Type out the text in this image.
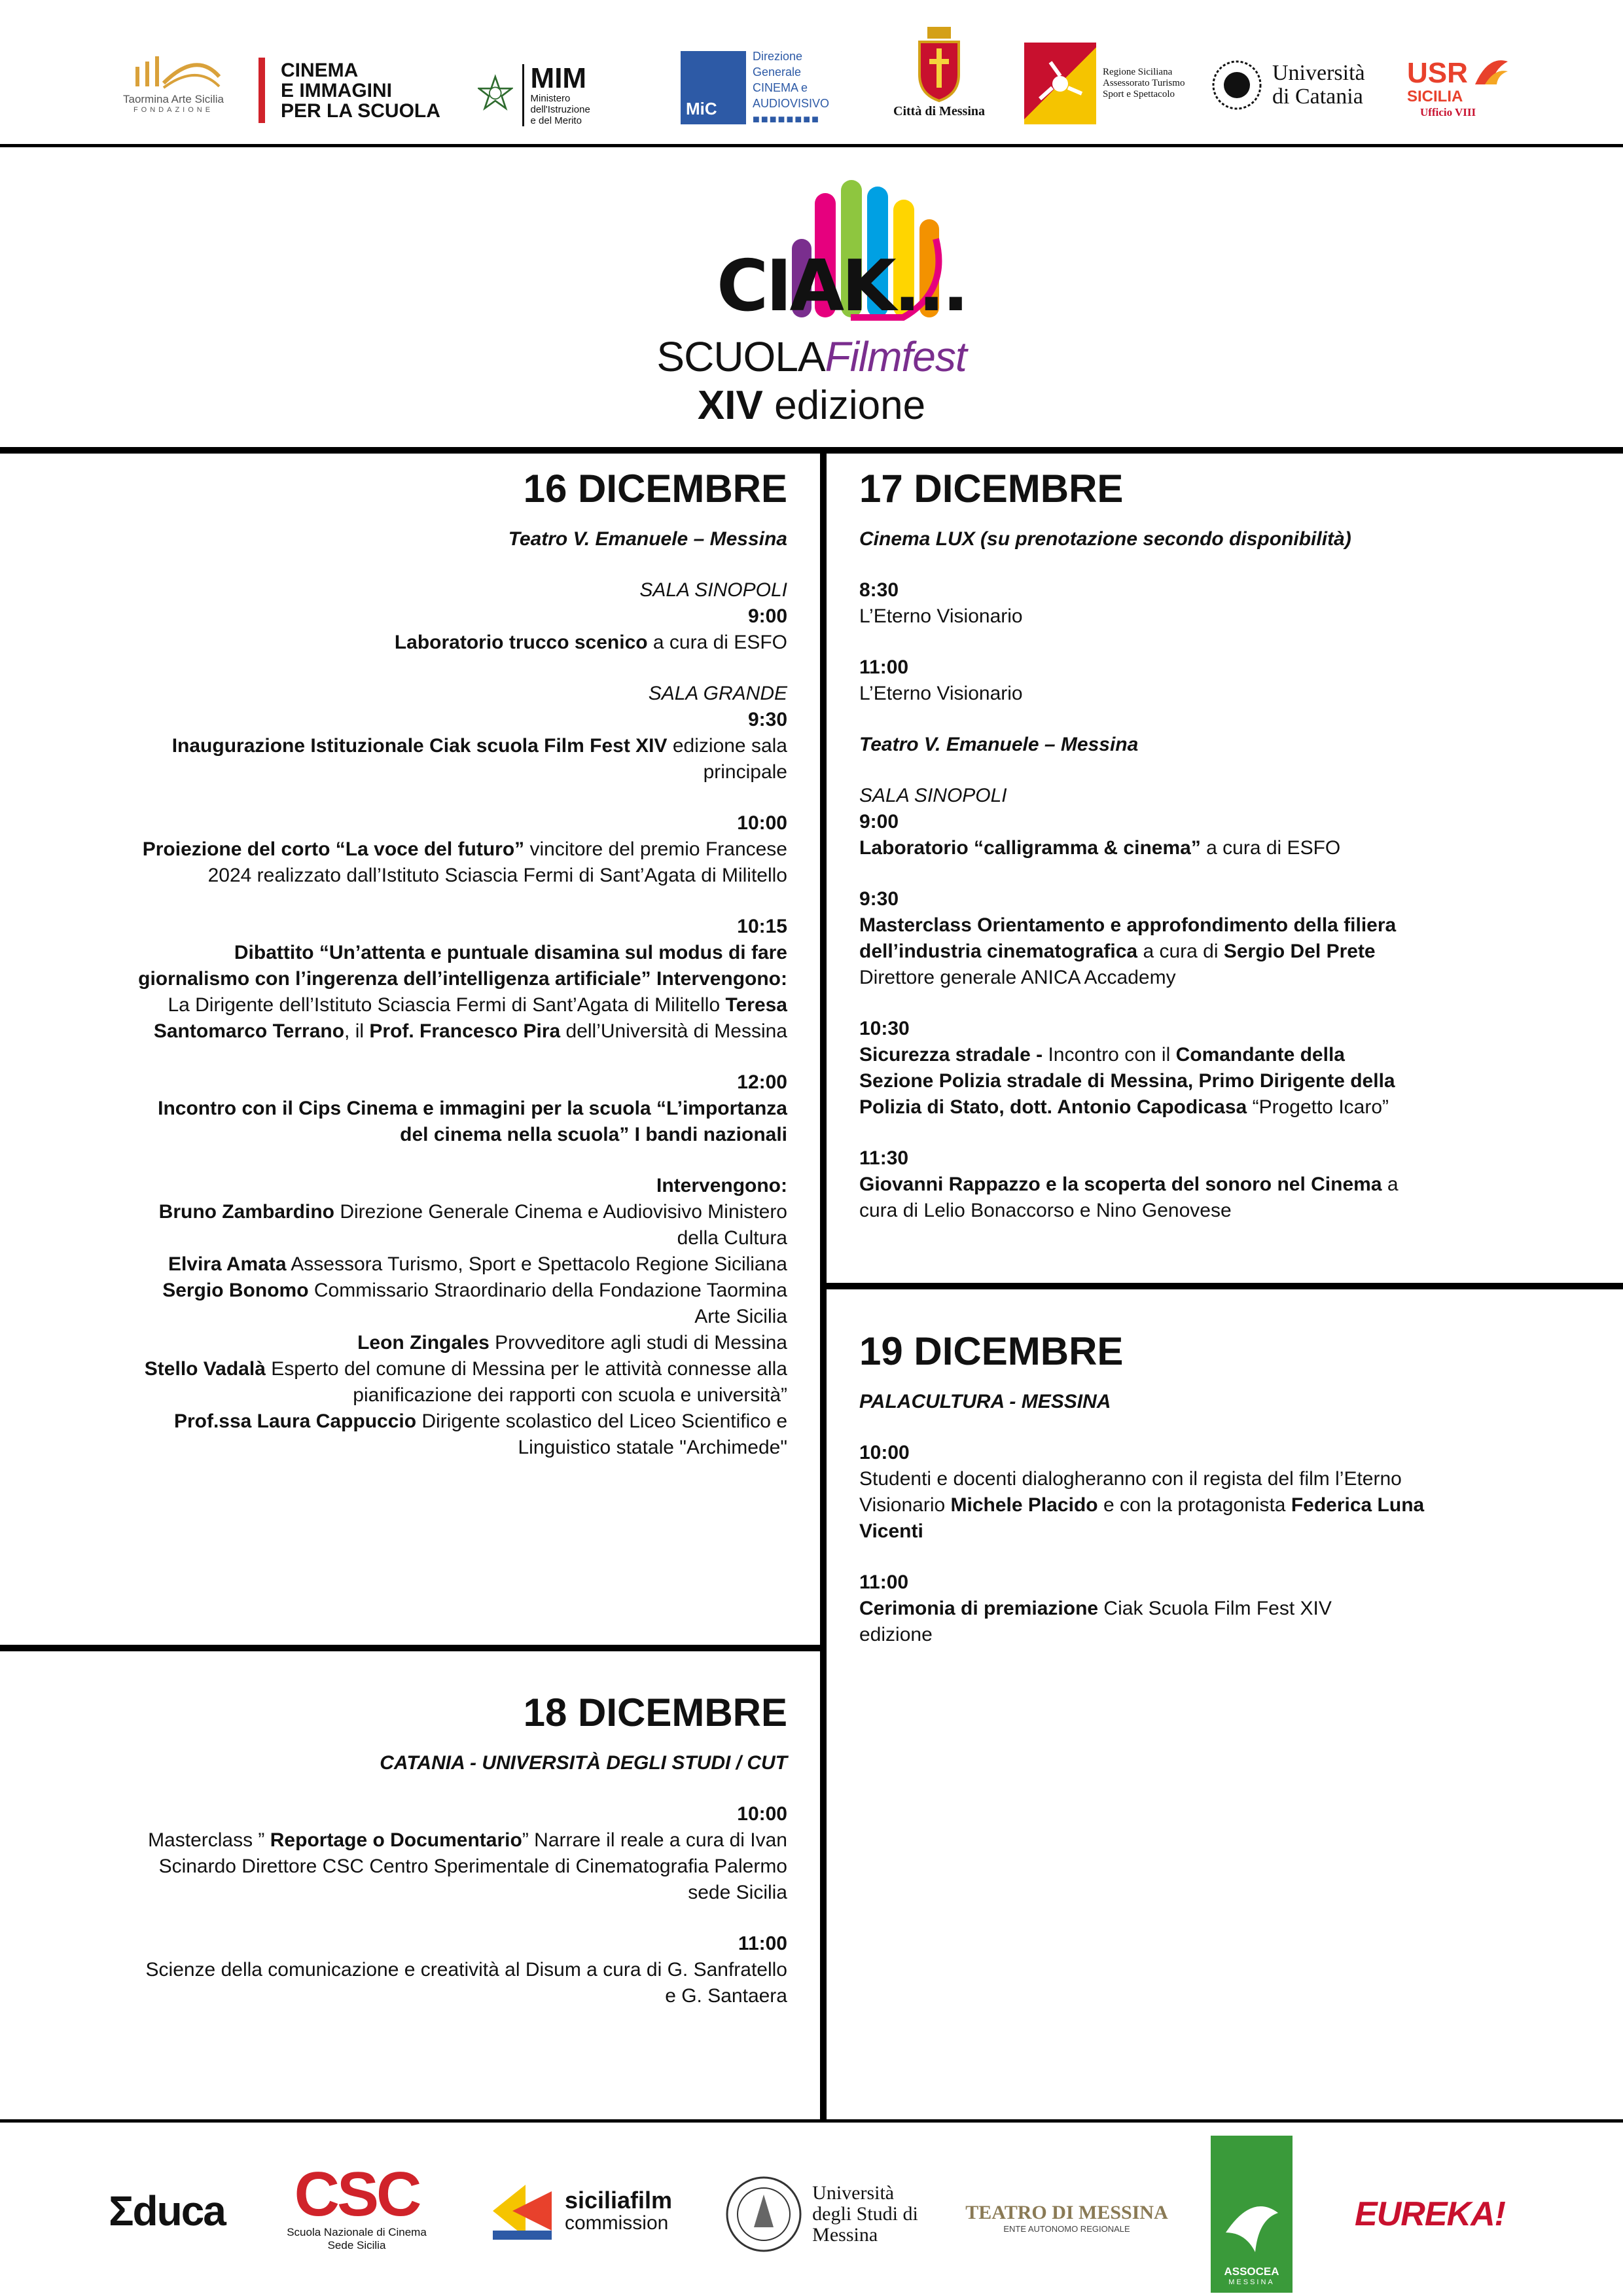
Taormina Arte Sicilia
FONDAZIONE
CINEMA
E IMMAGINI
PER LA SCUOLA
MIM
Ministero dell'Istruzione
e del Merito
MiC
Direzione Generale
CINEMA e
AUDIOVISIVO
■■■■■■■■
Città di Messina
Regione Siciliana
Assessorato Turismo
Sport e Spettacolo
Università
di Catania
USR
SICILIA
Ufficio VIII
CIAK...
SCUOLAFilmfest
XIV edizione
16 DICEMBRE
Teatro V. Emanuele – Messina
SALA SINOPOLI
9:00
Laboratorio trucco scenico a cura di ESFO
SALA GRANDE
9:30
Inaugurazione Istituzionale Ciak scuola Film Fest XIV edizione sala principale
10:00
Proiezione del corto “La voce del futuro” vincitore del premio Francese 2024 realizzato dall’Istituto Sciascia Fermi di Sant’Agata di Militello
10:15
Dibattito “Un’attenta e puntuale disamina sul modus di fare giornalismo con l’ingerenza dell’intelligenza artificiale” Intervengono: La Dirigente dell’Istituto Sciascia Fermi di Sant’Agata di Militello Teresa Santomarco Terrano, il Prof. Francesco Pira dell’Università di Messina
12:00
Incontro con il Cips Cinema e immagini per la scuola “L’importanza del cinema nella scuola” I bandi nazionali
Intervengono:
Bruno Zambardino Direzione Generale Cinema e Audiovisivo Ministero della Cultura
Elvira Amata Assessora Turismo, Sport e Spettacolo Regione Siciliana
Sergio Bonomo Commissario Straordinario della Fondazione Taormina Arte Sicilia
Leon Zingales Provveditore agli studi di Messina
Stello Vadalà Esperto del comune di Messina per le attività connesse alla pianificazione dei rapporti con scuola e università”
Prof.ssa Laura Cappuccio Dirigente scolastico del Liceo Scientifico e Linguistico statale "Archimede"
18 DICEMBRE
CATANIA - UNIVERSITÀ DEGLI STUDI / CUT
10:00
Masterclass ” Reportage o Documentario” Narrare il reale a cura di Ivan Scinardo Direttore CSC Centro Sperimentale di Cinematografia Palermo sede Sicilia
11:00
Scienze della comunicazione e creatività al Disum a cura di G. Sanfratello e G. Santaera
17 DICEMBRE
Cinema LUX (su prenotazione secondo disponibilità)
8:30
L’Eterno Visionario
11:00
L’Eterno Visionario
Teatro V. Emanuele – Messina
SALA SINOPOLI
9:00
Laboratorio “calligramma & cinema” a cura di ESFO
9:30
Masterclass Orientamento e approfondimento della filiera dell’industria cinematografica a cura di Sergio Del Prete Direttore generale ANICA Accademy
10:30
Sicurezza stradale - Incontro con il Comandante della Sezione Polizia stradale di Messina, Primo Dirigente della Polizia di Stato, dott. Antonio Capodicasa “Progetto Icaro”
11:30
Giovanni Rappazzo e la scoperta del sonoro nel Cinema a cura di Lelio Bonaccorso e Nino Genovese
19 DICEMBRE
PALACULTURA - MESSINA
10:00
Studenti e docenti dialogheranno con il regista del film l’Eterno Visionario Michele Placido e con la protagonista Federica Luna Vicenti
11:00
Cerimonia di premiazione Ciak Scuola Film Fest XIV edizione
Σduca CSC
Scuola Nazionale di Cinema
Sede Sicilia
siciliafilm
commission
Università
degli Studi di
Messina
TEATRO DI MESSINA
ENTE AUTONOMO REGIONALE
ASSOCEA
MESSINA
EUREKA!
